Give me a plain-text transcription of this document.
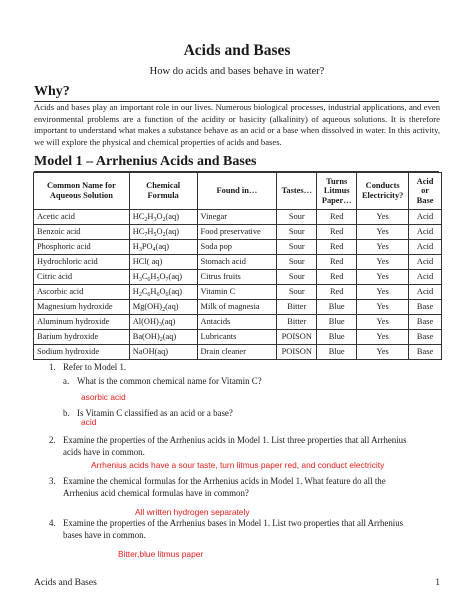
Acids and Bases
How do acids and bases behave in water?
Why?
Acids and bases play an important role in our lives. Numerous biological processes, industrial applications, and even environmental problems are a function of the acidity or basicity (alkalinity) of aqueous solutions. It is therefore important to understand what makes a substance behave as an acid or a base when dissolved in water. In this activity, we will explore the physical and chemical properties of acids and bases.
Model 1 – Arrhenius Acids and Bases
Common Name for Aqueous Solution	Chemical Formula	Found in…	Tastes…	Turns Litmus Paper…	Conducts Electricity?	Acid or Base
Acetic acid	$HC_2H_3O_2(aq)$	Vinegar	Sour	Red	Yes	Acid
Benzoic acid	$HC_7H_5O_2(aq)$	Food preservative	Sour	Red	Yes	Acid
Phosphoric acid	$H_3PO_4(aq)$	Soda pop	Sour	Red	Yes	Acid
Hydrochloric acid	HCl( aq)	Stomach acid	Sour	Red	Yes	Acid
Citric acid	$H_3C_6H_5O_7(aq)$	Citrus fruits	Sour	Red	Yes	Acid
Ascorbic acid	$H_2C_6H_6O_6(aq)$	Vitamin C	Sour	Red	Yes	Acid
Magnesium hydroxide	$Mg(OH)_2(aq)$	Milk of magnesia	Bitter	Blue	Yes	Base
Aluminum hydroxide	$Al(OH)_3(aq)$	Antacids	Bitter	Blue	Yes	Base
Barium hydroxide	$Ba(OH)_2(aq)$	Lubricants	POISON	Blue	Yes	Base
Sodium hydroxide	NaOH(aq)	Drain cleaner	POISON	Blue	Yes	Base
1. Refer to Model 1.
a. What is the common chemical name for Vitamin C?
asorbic acid
b. Is Vitamin C classified as an acid or a base?
acid
2. Examine the properties of the Arrhenius acids in Model 1. List three properties that all Arrhenius
acids have in common.
Arrhenius acids have a sour taste, turn litmus paper red, and conduct electricity
3. Examine the chemical formulas for the Arrhenius acids in Model 1. What feature do all the
Arrhenius acid chemical formulas have in common?
All written hydrogen separately
4. Examine the properties of the Arrhenius bases in Model 1. List two properties that all Arrhenius
bases have in common.
Bitter,blue litmus paper
Acids and Bases	1
